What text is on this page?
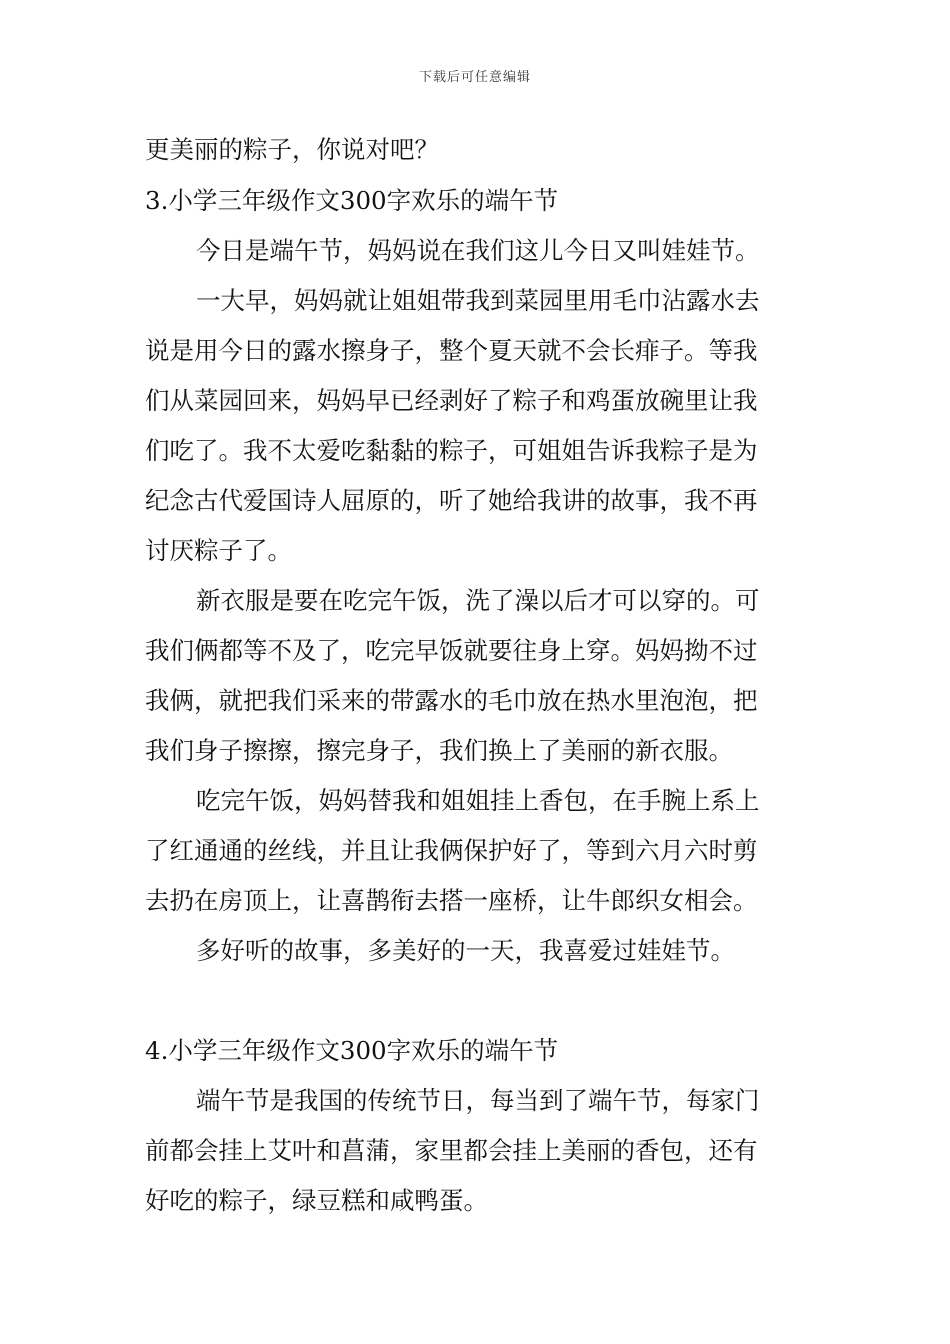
下载后可任意编辑
更美丽的粽子，你说对吧？
3.小学三年级作文300字欢乐的端午节
今日是端午节，妈妈说在我们这儿今日又叫娃娃节。
一大早，妈妈就让姐姐带我到菜园里用毛巾沾露水去
说是用今日的露水擦身子，整个夏天就不会长痱子。等我
们从菜园回来，妈妈早已经剥好了粽子和鸡蛋放碗里让我
们吃了。我不太爱吃黏黏的粽子，可姐姐告诉我粽子是为
纪念古代爱国诗人屈原的，听了她给我讲的故事，我不再
讨厌粽子了。
新衣服是要在吃完午饭，洗了澡以后才可以穿的。可
我们俩都等不及了，吃完早饭就要往身上穿。妈妈拗不过
我俩，就把我们采来的带露水的毛巾放在热水里泡泡，把
我们身子擦擦，擦完身子，我们换上了美丽的新衣服。
吃完午饭，妈妈替我和姐姐挂上香包，在手腕上系上
了红通通的丝线，并且让我俩保护好了，等到六月六时剪
去扔在房顶上，让喜鹊衔去搭一座桥，让牛郎织女相会。
多好听的故事，多美好的一天，我喜爱过娃娃节。
4.小学三年级作文300字欢乐的端午节
端午节是我国的传统节日，每当到了端午节，每家门
前都会挂上艾叶和菖蒲，家里都会挂上美丽的香包，还有
好吃的粽子，绿豆糕和咸鸭蛋。
